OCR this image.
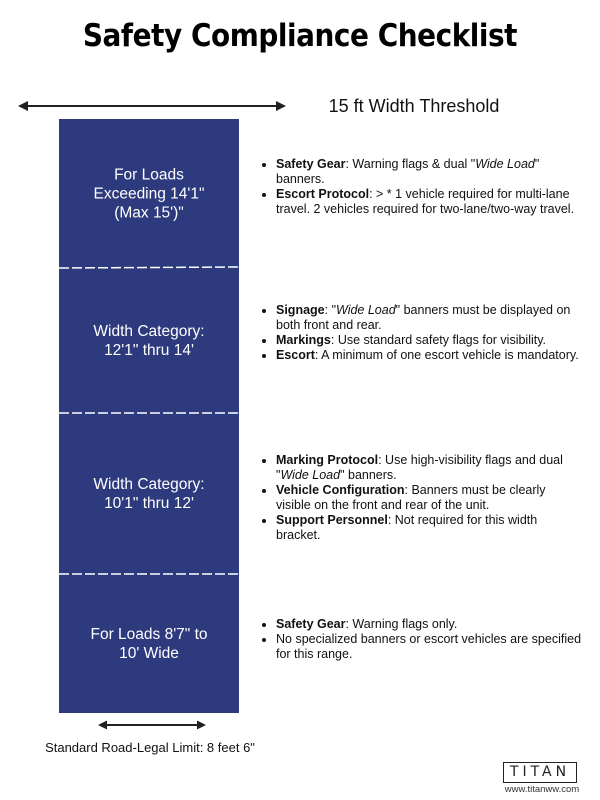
Safety Compliance Checklist
15 ft Width Threshold
For Loads Exceeding 14'1" (Max 15')"
Width Category: 12'1" thru 14'
Width Category: 10'1" thru 12'
For Loads 8'7" to 10' Wide
• Safety Gear: Warning flags & dual "Wide Load" banners.
• Escort Protocol: > * 1 vehicle required for multi-lane travel. 2 vehicles required for two-lane/two-way travel.
• Signage: "Wide Load" banners must be displayed on both front and rear.
• Markings: Use standard safety flags for visibility.
• Escort: A minimum of one escort vehicle is mandatory.
• Marking Protocol: Use high-visibility flags and dual "Wide Load" banners.
• Vehicle Configuration: Banners must be clearly visible on the front and rear of the unit.
• Support Personnel: Not required for this width bracket.
• Safety Gear: Warning flags only.
• No specialized banners or escort vehicles are specified for this range.
Standard Road-Legal Limit: 8 feet 6"
TITAN
www.titanww.com
